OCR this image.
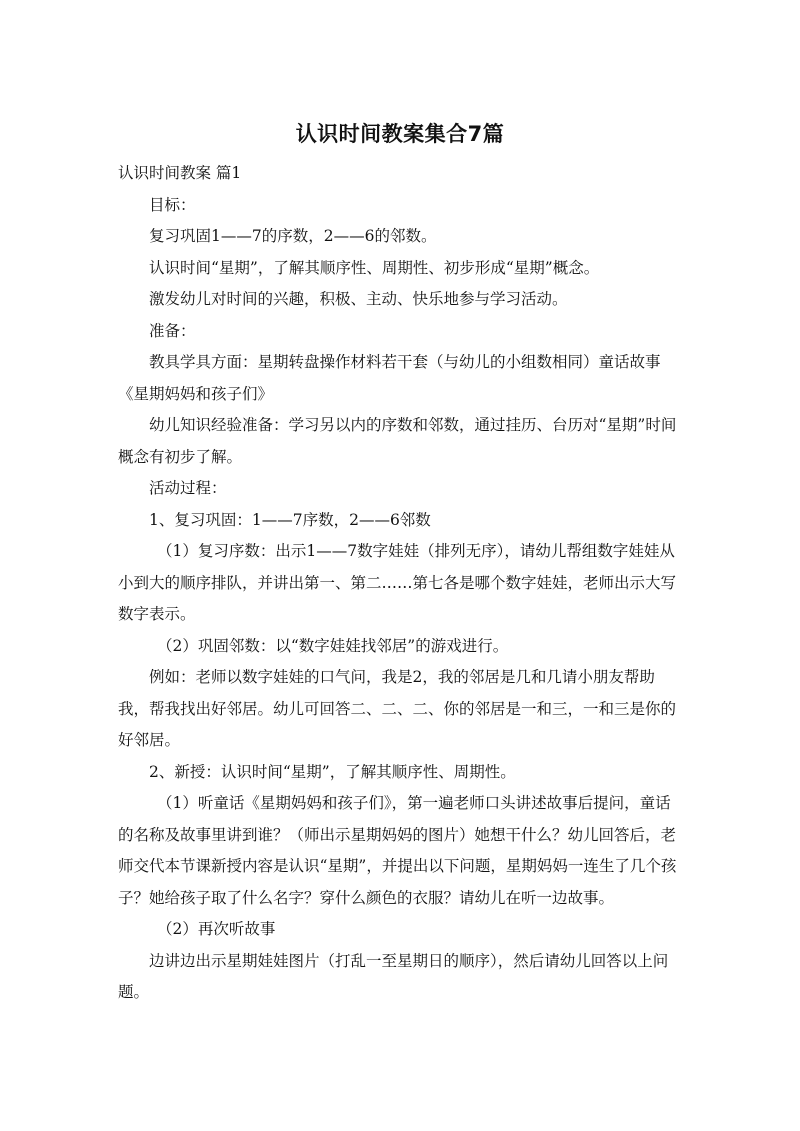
认识时间教案集合7篇

认识时间教案 篇1

目标：

复习巩固1——7的序数，2——6的邻数。

认识时间“星期”，了解其顺序性、周期性、初步形成“星期”概念。

激发幼儿对时间的兴趣，积极、主动、快乐地参与学习活动。

准备：

教具学具方面：星期转盘操作材料若干套（与幼儿的小组数相同）童话故事《星期妈妈和孩子们》

幼儿知识经验准备：学习另以内的序数和邻数，通过挂历、台历对“星期”时间概念有初步了解。

活动过程：

1、复习巩固：1——7序数，2——6邻数

（1）复习序数：出示1——7数字娃娃（排列无序），请幼儿帮组数字娃娃从小到大的顺序排队，并讲出第一、第二……第七各是哪个数字娃娃，老师出示大写数字表示。

（2）巩固邻数：以“数字娃娃找邻居”的游戏进行。

例如：老师以数字娃娃的口气问，我是2，我的邻居是几和几请小朋友帮助我，帮我找出好邻居。幼儿可回答二、二、二、你的邻居是一和三，一和三是你的好邻居。

2、新授：认识时间“星期”，了解其顺序性、周期性。

（1）听童话《星期妈妈和孩子们》，第一遍老师口头讲述故事后提问，童话的名称及故事里讲到谁？（师出示星期妈妈的图片）她想干什么？幼儿回答后，老师交代本节课新授内容是认识“星期”，并提出以下问题，星期妈妈一连生了几个孩子？她给孩子取了什么名字？穿什么颜色的衣服？请幼儿在听一边故事。

（2）再次听故事

边讲边出示星期娃娃图片（打乱一至星期日的顺序），然后请幼儿回答以上问题。
